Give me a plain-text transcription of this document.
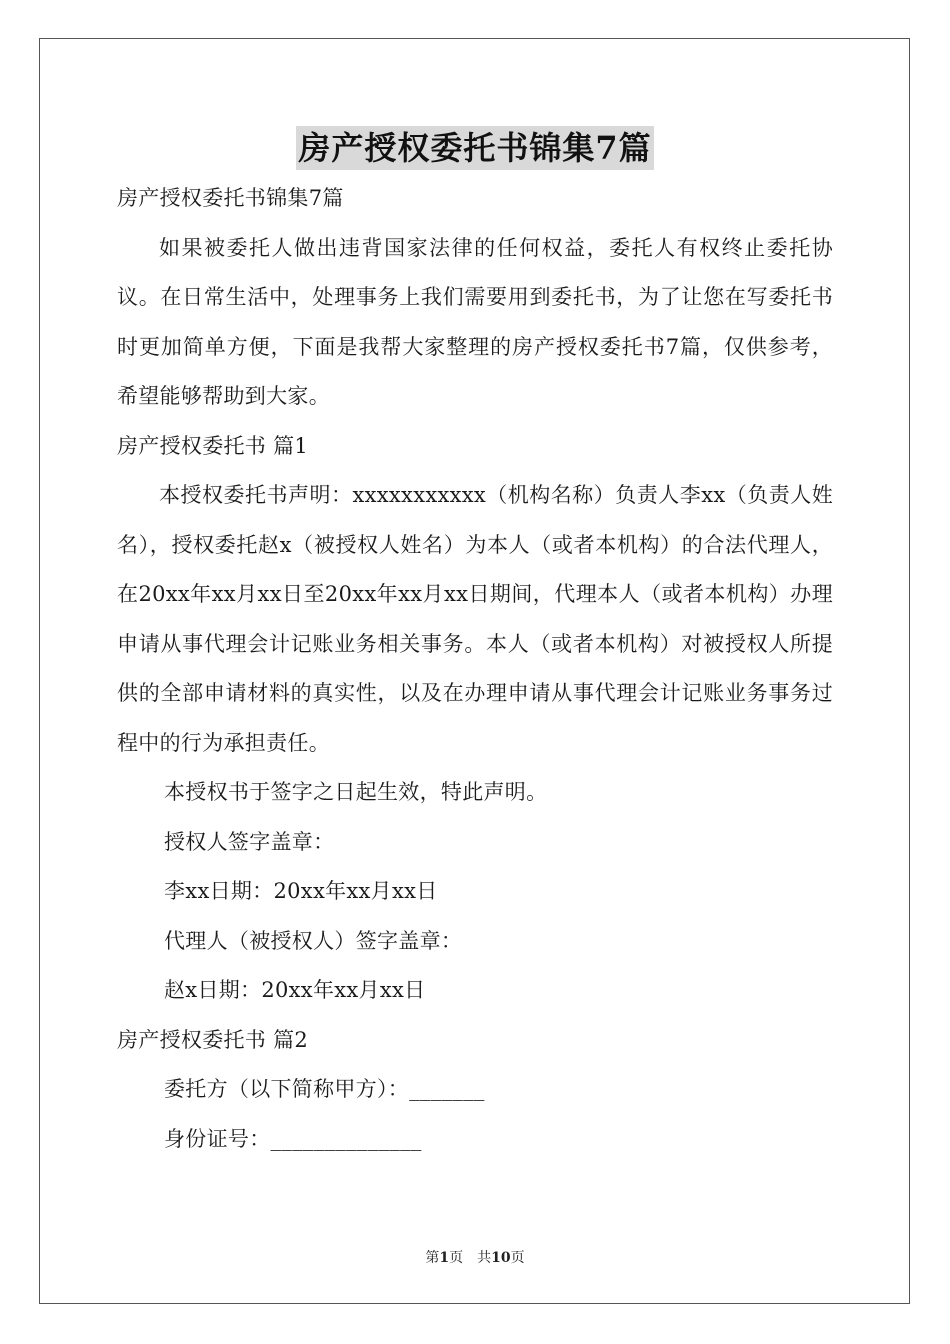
房产授权委托书锦集7篇
房产授权委托书锦集7篇

如果被委托人做出违背国家法律的任何权益，委托人有权终止委托协议。在日常生活中，处理事务上我们需要用到委托书，为了让您在写委托书时更加简单方便，下面是我帮大家整理的房产授权委托书7篇，仅供参考，希望能够帮助到大家。

房产授权委托书 篇1

本授权委托书声明：xxxxxxxxxxx（机构名称）负责人李xx（负责人姓名），授权委托赵x（被授权人姓名）为本人（或者本机构）的合法代理人，在20xx年xx月xx日至20xx年xx月xx日期间，代理本人（或者本机构）办理申请从事代理会计记账业务相关事务。本人（或者本机构）对被授权人所提供的全部申请材料的真实性，以及在办理申请从事代理会计记账业务事务过程中的行为承担责任。

本授权书于签字之日起生效，特此声明。
授权人签字盖章：
李xx日期：20xx年xx月xx日
代理人（被授权人）签字盖章：
赵x日期：20xx年xx月xx日
房产授权委托书 篇2
委托方（以下简称甲方）：_______
身份证号：______________
第1页 共10页
